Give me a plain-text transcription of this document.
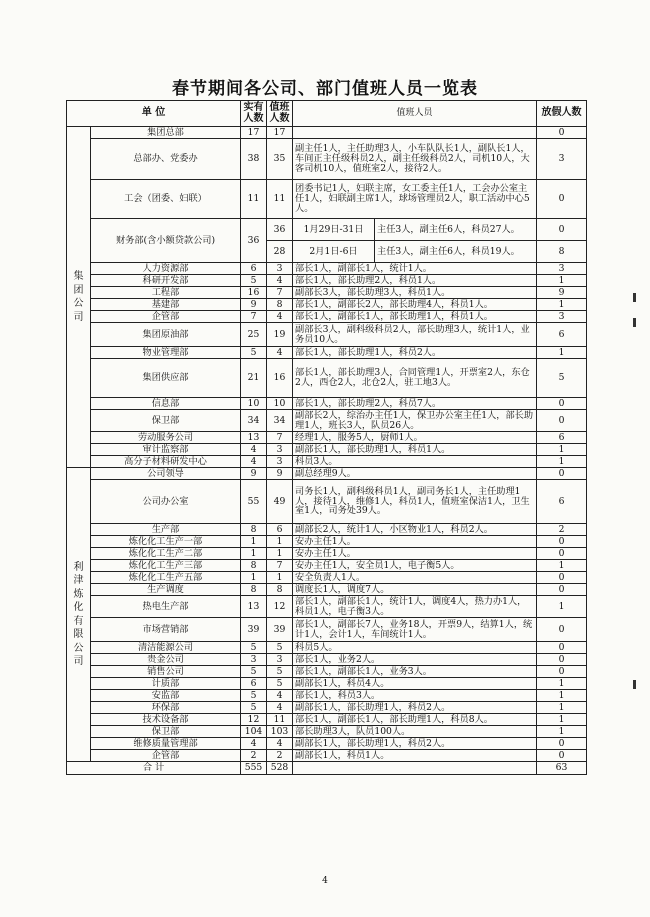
春节期间各公司、部门值班人员一览表
单 位		实有人数	值班人数	值班人员		放假人数
集团公司	集团总部	17	17			0
	总部办、党委办	38	35	副主任1人，主任助理3人，小车队队长1人，副队长1人，车间正主任级科员2人，副主任级科员2人，司机10人，大客司机10人，值班室2人，接待2人。		3
	工会（团委、妇联）	11	11	团委书记1人，妇联主席，女工委主任1人，工会办公室主任1人，妇联副主席1人，球场管理员2人，职工活动中心5人。		0
	财务部(含小额贷款公司)	36	36	1月29日-31日	主任3人，副主任6人，科员27人。	0
			28	2月1日-6日	主任3人，副主任6人，科员19人。	8
	人力资源部	6	3	部长1人，副部长1人，统计1人。		3
	科研开发部	5	4	部长1人，部长助理2人，科员1人。		1
	工程部	16	7	副部长3人，部长助理3人，科员1人。		9
	基建部	9	8	部长1人，副部长2人，部长助理4人，科员1人。		1
	企管部	7	4	部长1人，副部长1人，部长助理1人，科员1人。		3
	集团原油部	25	19	副部长3人，副科级科员2人，部长助理3人，统计1人，业务员10人。		6
	物业管理部	5	4	部长1人，部长助理1人，科员2人。		1
	集团供应部	21	16	部长1人，部长助理3人，合同管理1人，开票室2人，东仓2人，西仓2人，北仓2人，驻工地3人。		5
	信息部	10	10	部长1人，部长助理2人，科员7人。		0
	保卫部	34	34	副部长2人，综治办主任1人，保卫办公室主任1人，部长助理1人，班长3人，队员26人。		0
	劳动服务公司	13	7	经理1人，服务5人，厨师1人。		6
	审计监察部	4	3	副部长1人，部长助理1人，科员1人。		1
	高分子材料研发中心	4	3	科员3人。		1
利津炼化有限公司	公司领导	9	9	副总经理9人。		0
	公司办公室	55	49	司务长1人，副科级科员1人，副司务长1人，主任助理1人，接待1人，维修1人，科员1人，值班室保洁1人，卫生室1人，司务处39人。		6
	生产部	8	6	副部长2人，统计1人，小区物业1人，科员2人。		2
	炼化化工生产一部	1	1	安办主任1人。		0
	炼化化工生产二部	1	1	安办主任1人。		0
	炼化化工生产三部	8	7	安办主任1人，安全员1人，电子衡5人。		1
	炼化化工生产五部	1	1	安全负责人1人。		0
	生产调度	8	8	调度长1人，调度7人。		0
	热电生产部	13	12	部长1人，副部长1人，统计1人，调度4人，热力办1人，科员1人，电子衡3人。		1
	市场营销部	39	39	部长1人，副部长7人，业务18人，开票9人，结算1人，统计1人，会计1人，车间统计1人。		0
	清洁能源公司	5	5	科员5人。		0
	贵金公司	3	3	部长1人，业务2人。		0
	销售公司	5	5	部长1人，副部长1人，业务3人。		0
	计质部	6	5	副部长1人，科员4人。		1
	安监部	5	4	部长1人，科员3人。		1
	环保部	5	4	副部长1人，部长助理1人，科员2人。		1
	技术设备部	12	11	部长1人，副部长1人，部长助理1人，科员8人。		1
	保卫部	104	103	部长助理3人，队员100人。		1
	维修质量管理部	4	4	副部长1人，部长助理1人，科员2人。		0
	企管部	2	2	副部长1人，科员1人。		0
合 计		555	528			63
4
